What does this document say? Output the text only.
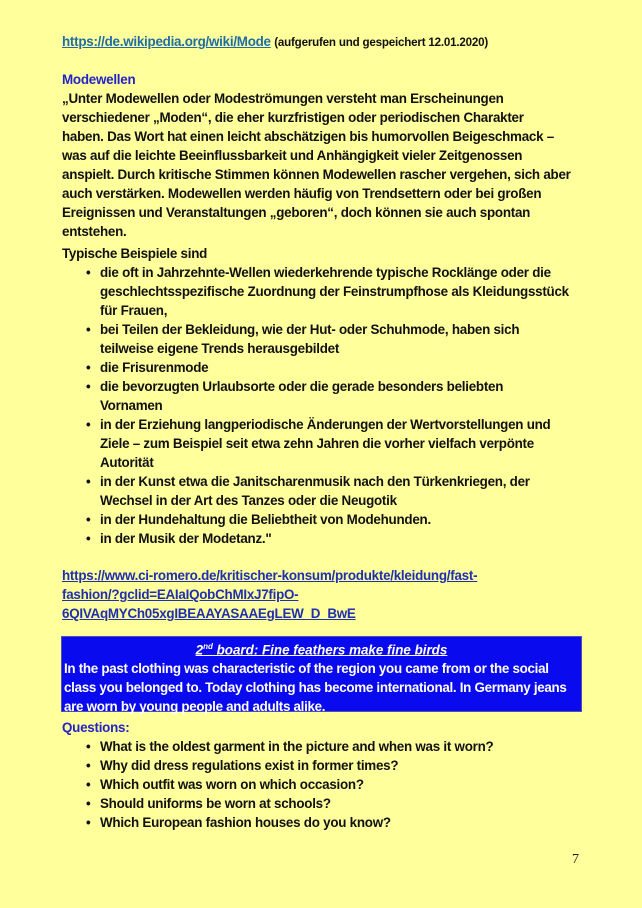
https://de.wikipedia.org/wiki/Mode (aufgerufen und gespeichert 12.01.2020)
Modewellen
„Unter Modewellen oder Modeströmungen versteht man Erscheinungen
verschiedener „Moden“, die eher kurzfristigen oder periodischen Charakter
haben. Das Wort hat einen leicht abschätzigen bis humorvollen Beigeschmack –
was auf die leichte Beeinflussbarkeit und Anhängigkeit vieler Zeitgenossen
anspielt. Durch kritische Stimmen können Modewellen rascher vergehen, sich aber
auch verstärken. Modewellen werden häufig von Trendsettern oder bei großen
Ereignissen und Veranstaltungen „geboren“, doch können sie auch spontan
entstehen.
Typische Beispiele sind
• die oft in Jahrzehnte-Wellen wiederkehrende typische Rocklänge oder die
geschlechtsspezifische Zuordnung der Feinstrumpfhose als Kleidungsstück
für Frauen,
• bei Teilen der Bekleidung, wie der Hut- oder Schuhmode, haben sich
teilweise eigene Trends herausgebildet
• die Frisurenmode
• die bevorzugten Urlaubsorte oder die gerade besonders beliebten
Vornamen
• in der Erziehung langperiodische Änderungen der Wertvorstellungen und
Ziele – zum Beispiel seit etwa zehn Jahren die vorher vielfach verpönte
Autorität
• in der Kunst etwa die Janitscharenmusik nach den Türkenkriegen, der
Wechsel in der Art des Tanzes oder die Neugotik
• in der Hundehaltung die Beliebtheit von Modehunden.
• in der Musik der Modetanz."
https://www.ci-romero.de/kritischer-konsum/produkte/kleidung/fast-
fashion/?gclid=EAIaIQobChMIxJ7fipO-
6QIVAqMYCh05xgIBEAAYASAAEgLEW_D_BwE
Questions:
• What is the oldest garment in the picture and when was it worn?
• Why did dress regulations exist in former times?
• Which outfit was worn on which occasion?
• Should uniforms be worn at schools?
• Which European fashion houses do you know?
2nd board: Fine feathers make fine birds
In the past clothing was characteristic of the region you came from or the social
class you belonged to. Today clothing has become international. In Germany jeans
are worn by young people and adults alike.
7
